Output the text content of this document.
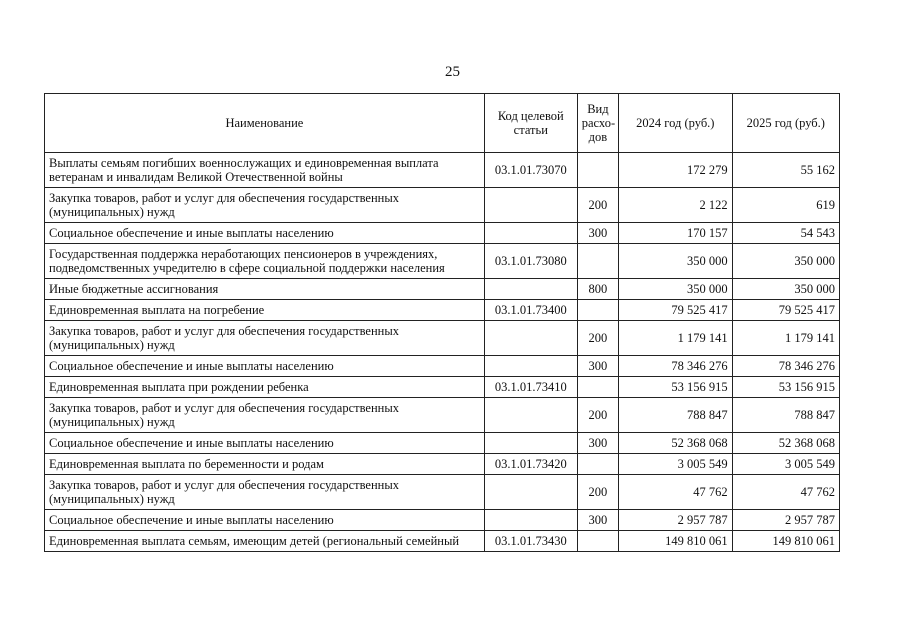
25
Наименование	Код целевой статьи	Вид расхо-дов	2024 год (руб.)	2025 год (руб.)
Выплаты семьям погибших военнослужащих и единовременная выплата ветеранам и инвалидам Великой Отечественной войны	03.1.01.73070		172 279	55 162
Закупка товаров, работ и услуг для обеспечения государственных (муниципальных) нужд		200	2 122	619
Социальное обеспечение и иные выплаты населению		300	170 157	54 543
Государственная поддержка неработающих пенсионеров в учреждениях, подведомственных учредителю в сфере социальной поддержки населения	03.1.01.73080		350 000	350 000
Иные бюджетные ассигнования		800	350 000	350 000
Единовременная выплата на погребение	03.1.01.73400		79 525 417	79 525 417
Закупка товаров, работ и услуг для обеспечения государственных (муниципальных) нужд		200	1 179 141	1 179 141
Социальное обеспечение и иные выплаты населению		300	78 346 276	78 346 276
Единовременная выплата при рождении ребенка	03.1.01.73410		53 156 915	53 156 915
Закупка товаров, работ и услуг для обеспечения государственных (муниципальных) нужд		200	788 847	788 847
Социальное обеспечение и иные выплаты населению		300	52 368 068	52 368 068
Единовременная выплата по беременности и родам	03.1.01.73420		3 005 549	3 005 549
Закупка товаров, работ и услуг для обеспечения государственных (муниципальных) нужд		200	47 762	47 762
Социальное обеспечение и иные выплаты населению		300	2 957 787	2 957 787
Единовременная выплата семьям, имеющим детей (региональный семейный	03.1.01.73430		149 810 061	149 810 061
